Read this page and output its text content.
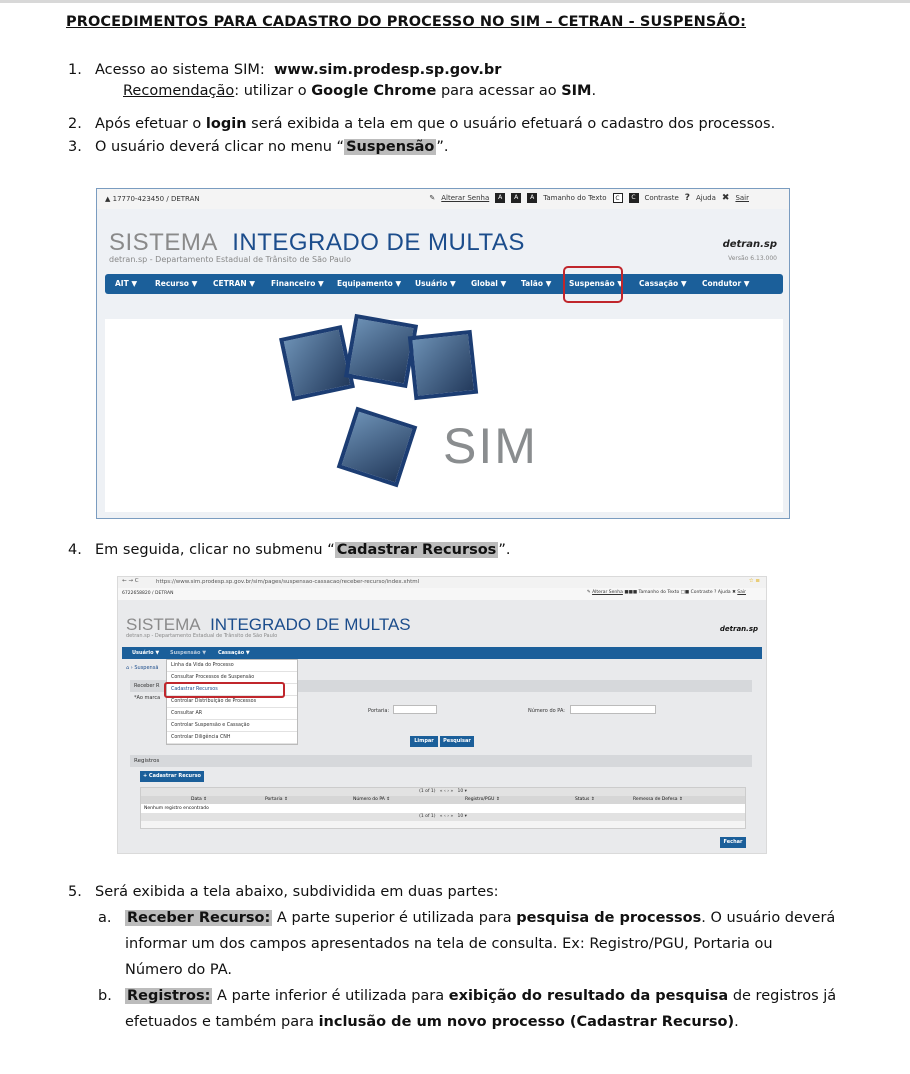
PROCEDIMENTOS PARA CADASTRO DO PROCESSO NO SIM – CETRAN - SUSPENSÃO:
1. Acesso ao sistema SIM: www.sim.prodesp.sp.gov.br
Recomendação: utilizar o Google Chrome para acessar ao SIM.
2. Após efetuar o login será exibida a tela em que o usuário efetuará o cadastro dos processos.
3. O usuário deverá clicar no menu “ Suspensão ”.
▲ 17770-423450 / DETRAN	✎ Alterar Senha	A	A	A	Tamanho do Texto	C	C	Contraste ? Ajuda ✖ Sair
SISTEMA INTEGRADO DE MULTAS
detran.sp - Departamento Estadual de Trânsito de São Paulo
detran.sp
Versão 6.13.000
AIT ▼ Recurso ▼ CETRAN ▼ Financeiro ▼ Equipamento ▼ Usuário ▼ Global ▼ Talão ▼ Suspensão ▼ Cassação ▼ Condutor ▼
SIM
4. Em seguida, clicar no submenu “ Cadastrar Recursos ”.
← → C	https://www.sim.prodesp.sp.gov.br/sim/pages/suspensao-cassacao/receber-recurso/index.xhtml	☆ ≡
6722658820 / DETRAN	✎ Alterar Senha ■■■ Tamanho do Texto □■ Contraste ? Ajuda ✖ Sair
SISTEMA INTEGRADO DE MULTAS
detran.sp - Departamento Estadual de Trânsito de São Paulo
detran.sp
Usuário ▼ Suspensão ▼ Cassação ▼
⌂ › Suspensã
Receber R
*Ao marca
Portaria:	Número do PA:
Limpar	Pesquisar
Linha da Vida do Processo
Consultar Processos de Suspensão
Cadastrar Recursos
Controlar Distribuição de Processos
Consultar AR
Controlar Suspensão e Cassação
Controlar Diligência CNH
Registros
+ Cadastrar Recurso
(1 of 1)   « ‹ › »   10 ▾
Data ⇕	Portaria ⇕	Número do PA ⇕	Registro/PGU ⇕	Status ⇕	Remessa de Defesa ⇕
Nenhum registro encontrado
(1 of 1)   « ‹ › »   10 ▾
Fechar
5. Será exibida a tela abaixo, subdividida em duas partes:
a. Receber Recurso: A parte superior é utilizada para pesquisa de processos. O usuário deverá
informar um dos campos apresentados na tela de consulta. Ex: Registro/PGU, Portaria ou
Número do PA.
b. Registros: A parte inferior é utilizada para exibição do resultado da pesquisa de registros já
efetuados e também para inclusão de um novo processo (Cadastrar Recurso).
